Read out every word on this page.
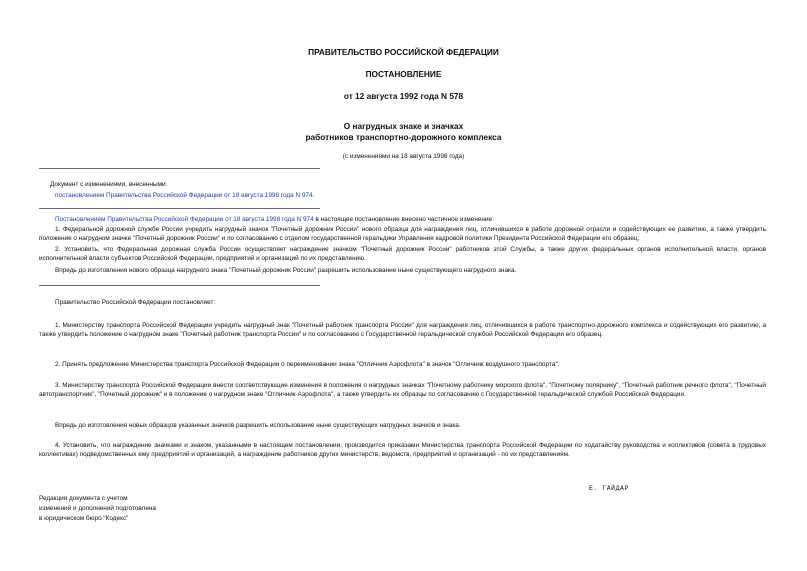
ПРАВИТЕЛЬСТВО РОССИЙСКОЙ ФЕДЕРАЦИИ
ПОСТАНОВЛЕНИЕ
от 12 августа 1992 года N 578
О нагрудных знаке и значках
работников транспортно-дорожного комплекса
(с изменениями на 18 августа 1998 года)

Документ с изменениями, внесенными:

постановлением Правительства Российской Федерации от 18 августа 1998 года N 974.

Постановлением Правительства Российской Федерации от 18 августа 1998 года N 974 в настоящее постановление внесено частичное изменение:

1. Федеральной дорожной службе России учредить нагрудный значок "Почетный дорожник России" нового образца для награждения лиц, отличившихся в работе дорожной отрасли и содействующих ее развитию, а также утвердить положение о нагрудном значке "Почетный дорожник России" и по согласованию с отделом государственной геральдики Управления кадровой политики Президента Российской Федерации его образец;

2. Установить, что Федеральная дорожная служба России осуществляет награждение значком "Почетный дорожник России" работников этой Службы, а также других федеральных органов исполнительной власти, органов исполнительной власти субъектов Российской Федерации, предприятий и организаций по их представлению.

Впредь до изготовления нового образца нагрудного знака "Почетный дорожник России" разрешить использование ныне существующего нагрудного знака.

Правительство Российской Федерации постановляет:

1. Министерству транспорта Российской Федерации учредить нагрудный знак "Почетный работник транспорта России" для награждения лиц, отличившихся в работе транспортно-дорожного комплекса и содействующих его развитию, а также утвердить положение о нагрудном знаке "Почетный работник транспорта России" и по согласованию с Государственной геральдической службой Российской Федерации его образец.

2. Принять предложение Министерства транспорта Российской Федерации о переименовании знака "Отличник Аэрофлота" в значок "Отличник воздушного транспорта".

3. Министерству транспорта Российской Федерации внести соответствующие изменения в положения о нагрудных значках "Почетному работнику морского флота", "Почетному полярнику", "Почетный работник речного флота", "Почетный автотранспортник", "Почетный дорожник" и в положение о нагрудном знаке "Отличник Аэрофлота", а также утвердить их образцы по согласованию с Государственной геральдической службой Российской Федерации.

Впредь до изготовления новых образцов указанных значков разрешить использование ныне существующих нагрудных значков и знака.

4. Установить, что награждение значками и знаком, указанными в настоящем постановлении, производится приказами Министерства транспорта Российской Федерации по ходатайству руководства и коллективов (совета в трудовых коллективах) подведомственных ему предприятий и организаций, а награждение работников других министерств, ведомств, предприятий и организаций - по их представлениям.

Е. ГАЙДАР

Редакция документа с учетом

изменений и дополнений подготовлена

в юридическом бюро "Кодекс"
